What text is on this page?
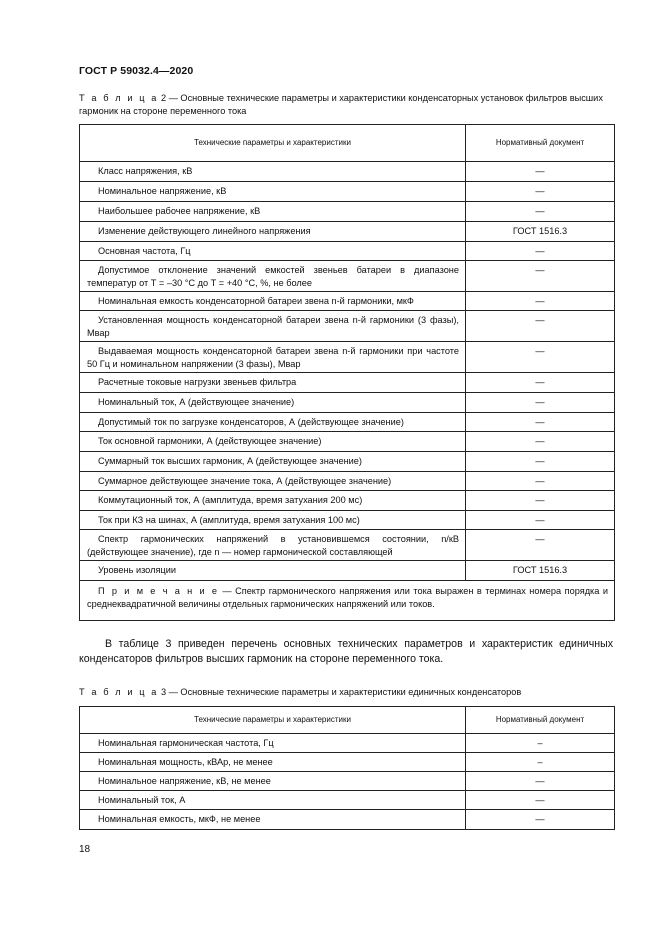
ГОСТ Р 59032.4—2020
Т а б л и ц а 2 — Основные технические параметры и характеристики конденсаторных установок фильтров высших гармоник на стороне переменного тока
Технические параметры и характеристики	Нормативный документ

Класс напряжения, кВ	—

Номинальное напряжение, кВ	—

Наибольшее рабочее напряжение, кВ	—

Изменение действующего линейного напряжения	ГОСТ 1516.3

Основная частота, Гц	—

Допустимое отклонение значений емкостей звеньев батареи в диапазоне температур от Т = –30 °С до Т = +40 °С, %, не более	—

Номинальная емкость конденсаторной батареи звена n-й гармоники, мкФ	—

Установленная мощность конденсаторной батареи звена n-й гармоники (3 фазы), Мвар	—

Выдаваемая мощность конденсаторной батареи звена n-й гармоники при частоте 50 Гц и номинальном напряжении (3 фазы), Мвар	—

Расчетные токовые нагрузки звеньев фильтра	—

Номинальный ток, А (действующее значение)	—

Допустимый ток по загрузке конденсаторов, А (действующее значение)	—

Ток основной гармоники, А (действующее значение)	—

Суммарный ток высших гармоник, А (действующее значение)	—

Суммарное действующее значение тока, А (действующее значение)	—

Коммутационный ток, А (амплитуда, время затухания 200 мс)	—

Ток при КЗ на шинах, А (амплитуда, время затухания 100 мс)	—

Спектр гармонических напряжений в установившемся состоянии, n/кВ (действующее значение), где n — номер гармонической составляющей	—

Уровень изоляции	ГОСТ 1516.3
П р и м е ч а н и е — Спектр гармонического напряжения или тока выражен в терминах номера порядка и среднеквадратичной величины отдельных гармонических напряжений или токов.	
В таблице 3 приведен перечень основных технических параметров и характеристик единичных конденсаторов фильтров высших гармоник на стороне переменного тока.
Т а б л и ц а 3 — Основные технические параметры и характеристики единичных конденсаторов
Технические параметры и характеристики	Нормативный документ

Номинальная гармоническая частота, Гц	–

Номинальная мощность, кВАр, не менее	–

Номинальное напряжение, кВ, не менее	—

Номинальный ток, А	—

Номинальная емкость, мкФ, не менее	—
18
